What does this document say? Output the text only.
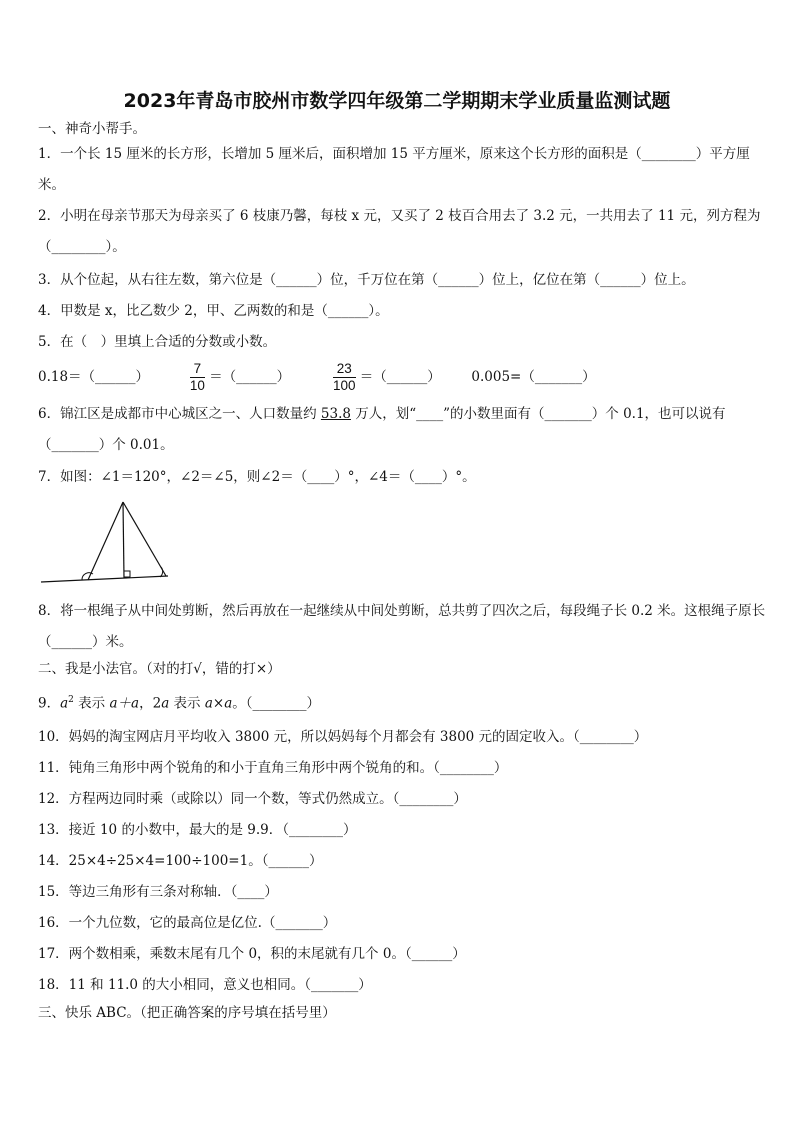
2023年青岛市胶州市数学四年级第二学期期末学业质量监测试题
一、神奇小帮手。
1．一个长 15 厘米的长方形，长增加 5 厘米后，面积增加 15 平方厘米，原来这个长方形的面积是（________）平方厘米。
2．小明在母亲节那天为母亲买了 6 枝康乃馨，每枝 x 元，又买了 2 枝百合用去了 3.2 元，一共用去了 11 元，列方程为（________）。
3．从个位起，从右往左数，第六位是（______）位，千万位在第（______）位上，亿位在第（______）位上。
4．甲数是 x，比乙数少 2，甲、乙两数的和是（______）。
5．在（　）里填上合适的分数或小数。
0.18＝（______）	$\frac{7}{10}$ ＝（______）	$\frac{23}{100}$ ＝（______） 0.005=（_______）
6．锦江区是成都市中心城区之一、人口数量约 53.8 万人，划“____”的小数里面有（_______）个 0.1，也可以说有（_______）个 0.01。
7．如图：∠1＝120°，∠2＝∠5，则∠2＝（____）°，∠4＝（____）°。
8．将一根绳子从中间处剪断，然后再放在一起继续从中间处剪断，总共剪了四次之后，每段绳子长 0.2 米。这根绳子原长（______）米。
二、我是小法官。（对的打√，错的打×）
9．$a^2$ 表示 a＋a，2a 表示 a×a。（________）
10．妈妈的淘宝网店月平均收入 3800 元，所以妈妈每个月都会有 3800 元的固定收入。（________）
11．钝角三角形中两个锐角的和小于直角三角形中两个锐角的和。（________）
12．方程两边同时乘（或除以）同一个数，等式仍然成立。（________）
13．接近 10 的小数中，最大的是 9.9．（________）
14．25×4÷25×4=100÷100=1。（______）
15．等边三角形有三条对称轴．（____）
16．一个九位数，它的最高位是亿位.（_______）
17．两个数相乘，乘数末尾有几个 0，积的末尾就有几个 0。（______）
18．11 和 11.0 的大小相同，意义也相同。（_______）
三、快乐 ABC。（把正确答案的序号填在括号里）
